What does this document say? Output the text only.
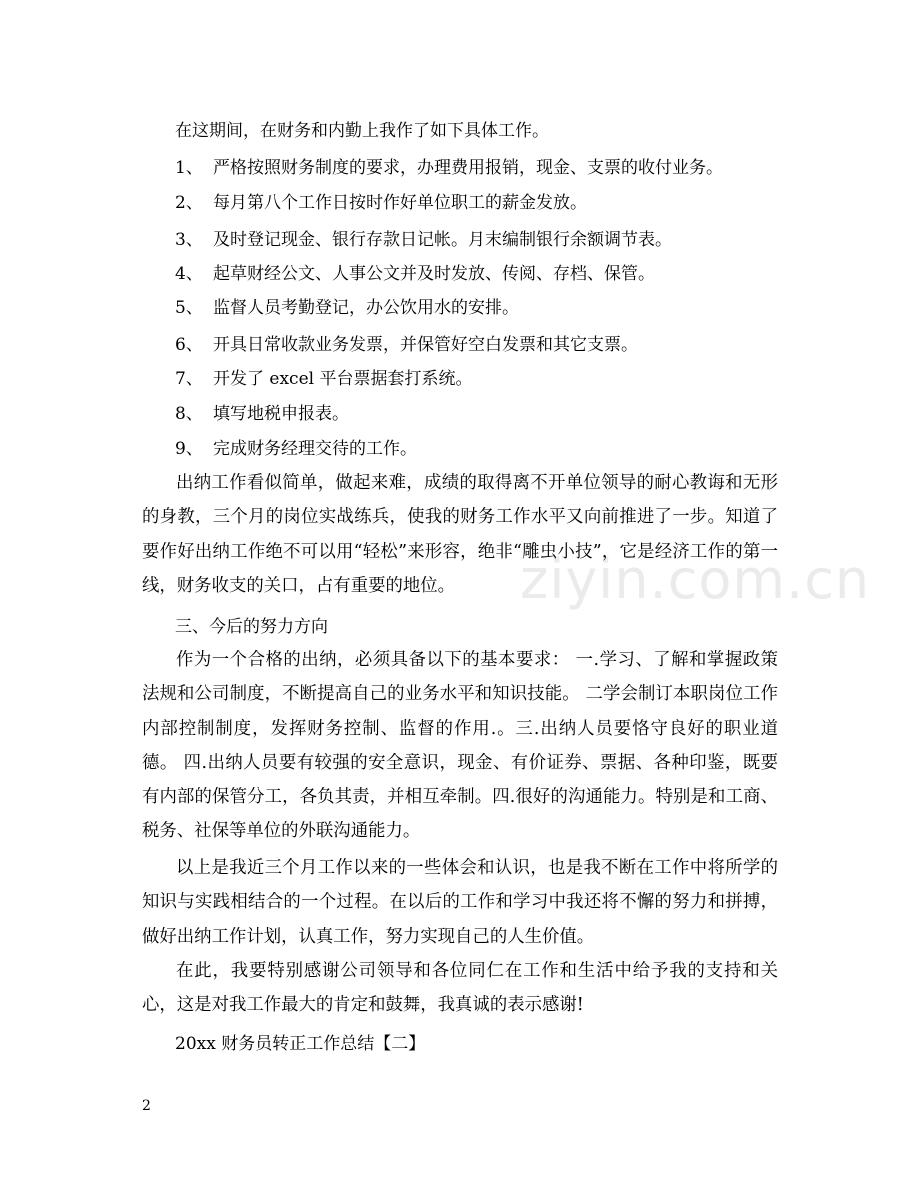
ziyin.com.cn
在这期间，在财务和内勤上我作了如下具体工作。
1、 严格按照财务制度的要求，办理费用报销，现金、支票的收付业务。
2、 每月第八个工作日按时作好单位职工的薪金发放。
3、 及时登记现金、银行存款日记帐。月末编制银行余额调节表。
4、 起草财经公文、人事公文并及时发放、传阅、存档、保管。
5、 监督人员考勤登记，办公饮用水的安排。
6、 开具日常收款业务发票，并保管好空白发票和其它支票。
7、 开发了 excel 平台票据套打系统。
8、 填写地税申报表。
9、 完成财务经理交待的工作。

出纳工作看似简单，做起来难，成绩的取得离不开单位领导的耐心教诲和无形的身教，三个月的岗位实战练兵，使我的财务工作水平又向前推进了一步。知道了要作好出纳工作绝不可以用“轻松”来形容，绝非“雕虫小技”，它是经济工作的第一线，财务收支的关口，占有重要的地位。

三、今后的努力方向

作为一个合格的出纳，必须具备以下的基本要求： 一.学习、了解和掌握政策法规和公司制度，不断提高自己的业务水平和知识技能。 二学会制订本职岗位工作内部控制制度，发挥财务控制、监督的作用.。三.出纳人员要恪守良好的职业道德。 四.出纳人员要有较强的安全意识，现金、有价证券、票据、各种印鉴，既要有内部的保管分工，各负其责，并相互牵制。四.很好的沟通能力。特别是和工商、税务、社保等单位的外联沟通能力。

以上是我近三个月工作以来的一些体会和认识，也是我不断在工作中将所学的知识与实践相结合的一个过程。在以后的工作和学习中我还将不懈的努力和拼搏，做好出纳工作计划，认真工作，努力实现自己的人生价值。

在此，我要特别感谢公司领导和各位同仁在工作和生活中给予我的支持和关心，这是对我工作最大的肯定和鼓舞，我真诚的表示感谢!

20xx 财务员转正工作总结【二】
2
